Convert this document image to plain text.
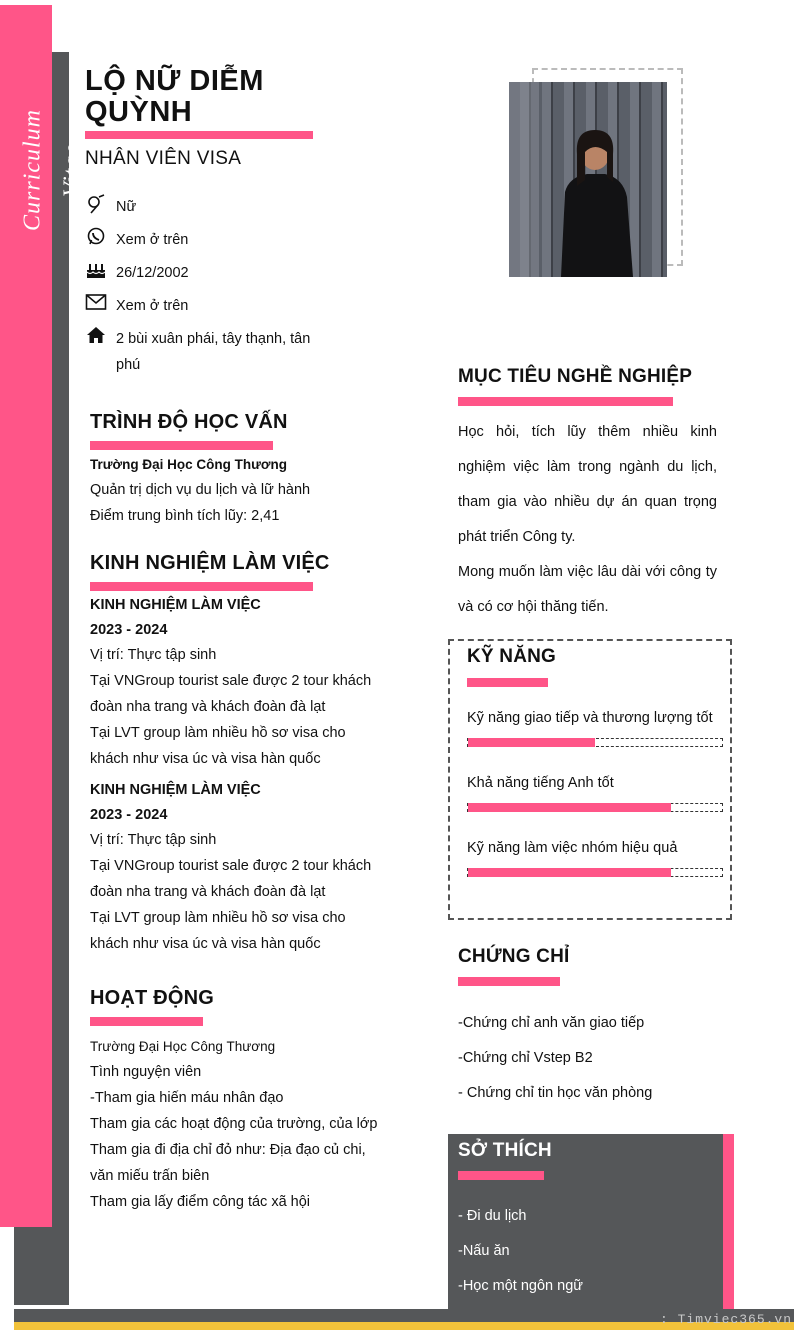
Curriculum Vitae
LỘ NỮ DIỄM QUỲNH
NHÂN VIÊN VISA
Nữ
Xem ở trên
26/12/2002
Xem ở trên
2 bùi xuân phái, tây thạnh, tân phú
TRÌNH ĐỘ HỌC VẤN
Trường Đại Học Công Thương
Quản trị dịch vụ du lịch và lữ hành
Điểm trung bình tích lũy: 2,41
KINH NGHIỆM LÀM VIỆC
KINH NGHIỆM LÀM VIỆC
2023 - 2024
Vị trí: Thực tập sinh
Tại VNGroup tourist sale được 2 tour khách
đoàn nha trang và khách đoàn đà lạt
Tại LVT group làm nhiều hồ sơ visa cho
khách như visa úc và visa hàn quốc
KINH NGHIỆM LÀM VIỆC
2023 - 2024
Vị trí: Thực tập sinh
Tại VNGroup tourist sale được 2 tour khách
đoàn nha trang và khách đoàn đà lạt
Tại LVT group làm nhiều hồ sơ visa cho
khách như visa úc và visa hàn quốc
HOẠT ĐỘNG
Trường Đại Học Công Thương
Tình nguyện viên
-Tham gia hiến máu nhân đạo
Tham gia các hoạt động của trường, của lớp
Tham gia đi địa chỉ đỏ như: Địa đạo củ chi,
văn miếu trấn biên
Tham gia lấy điểm công tác xã hội
MỤC TIÊU NGHỀ NGHIỆP
Học hỏi, tích lũy thêm nhiều kinh nghiệm việc làm trong ngành du lịch, tham gia vào nhiều dự án quan trọng phát triển Công ty.
Mong muốn làm việc lâu dài với công ty và có cơ hội thăng tiến.
KỸ NĂNG
Kỹ năng giao tiếp và thương lượng tốt
Khả năng tiếng Anh tốt
Kỹ năng làm việc nhóm hiệu quả
CHỨNG CHỈ
-Chứng chỉ anh văn giao tiếp
-Chứng chỉ Vstep B2
- Chứng chỉ tin học văn phòng
SỞ THÍCH
- Đi du lịch
-Nấu ăn
-Học một ngôn ngữ
: Timviec365.vn
